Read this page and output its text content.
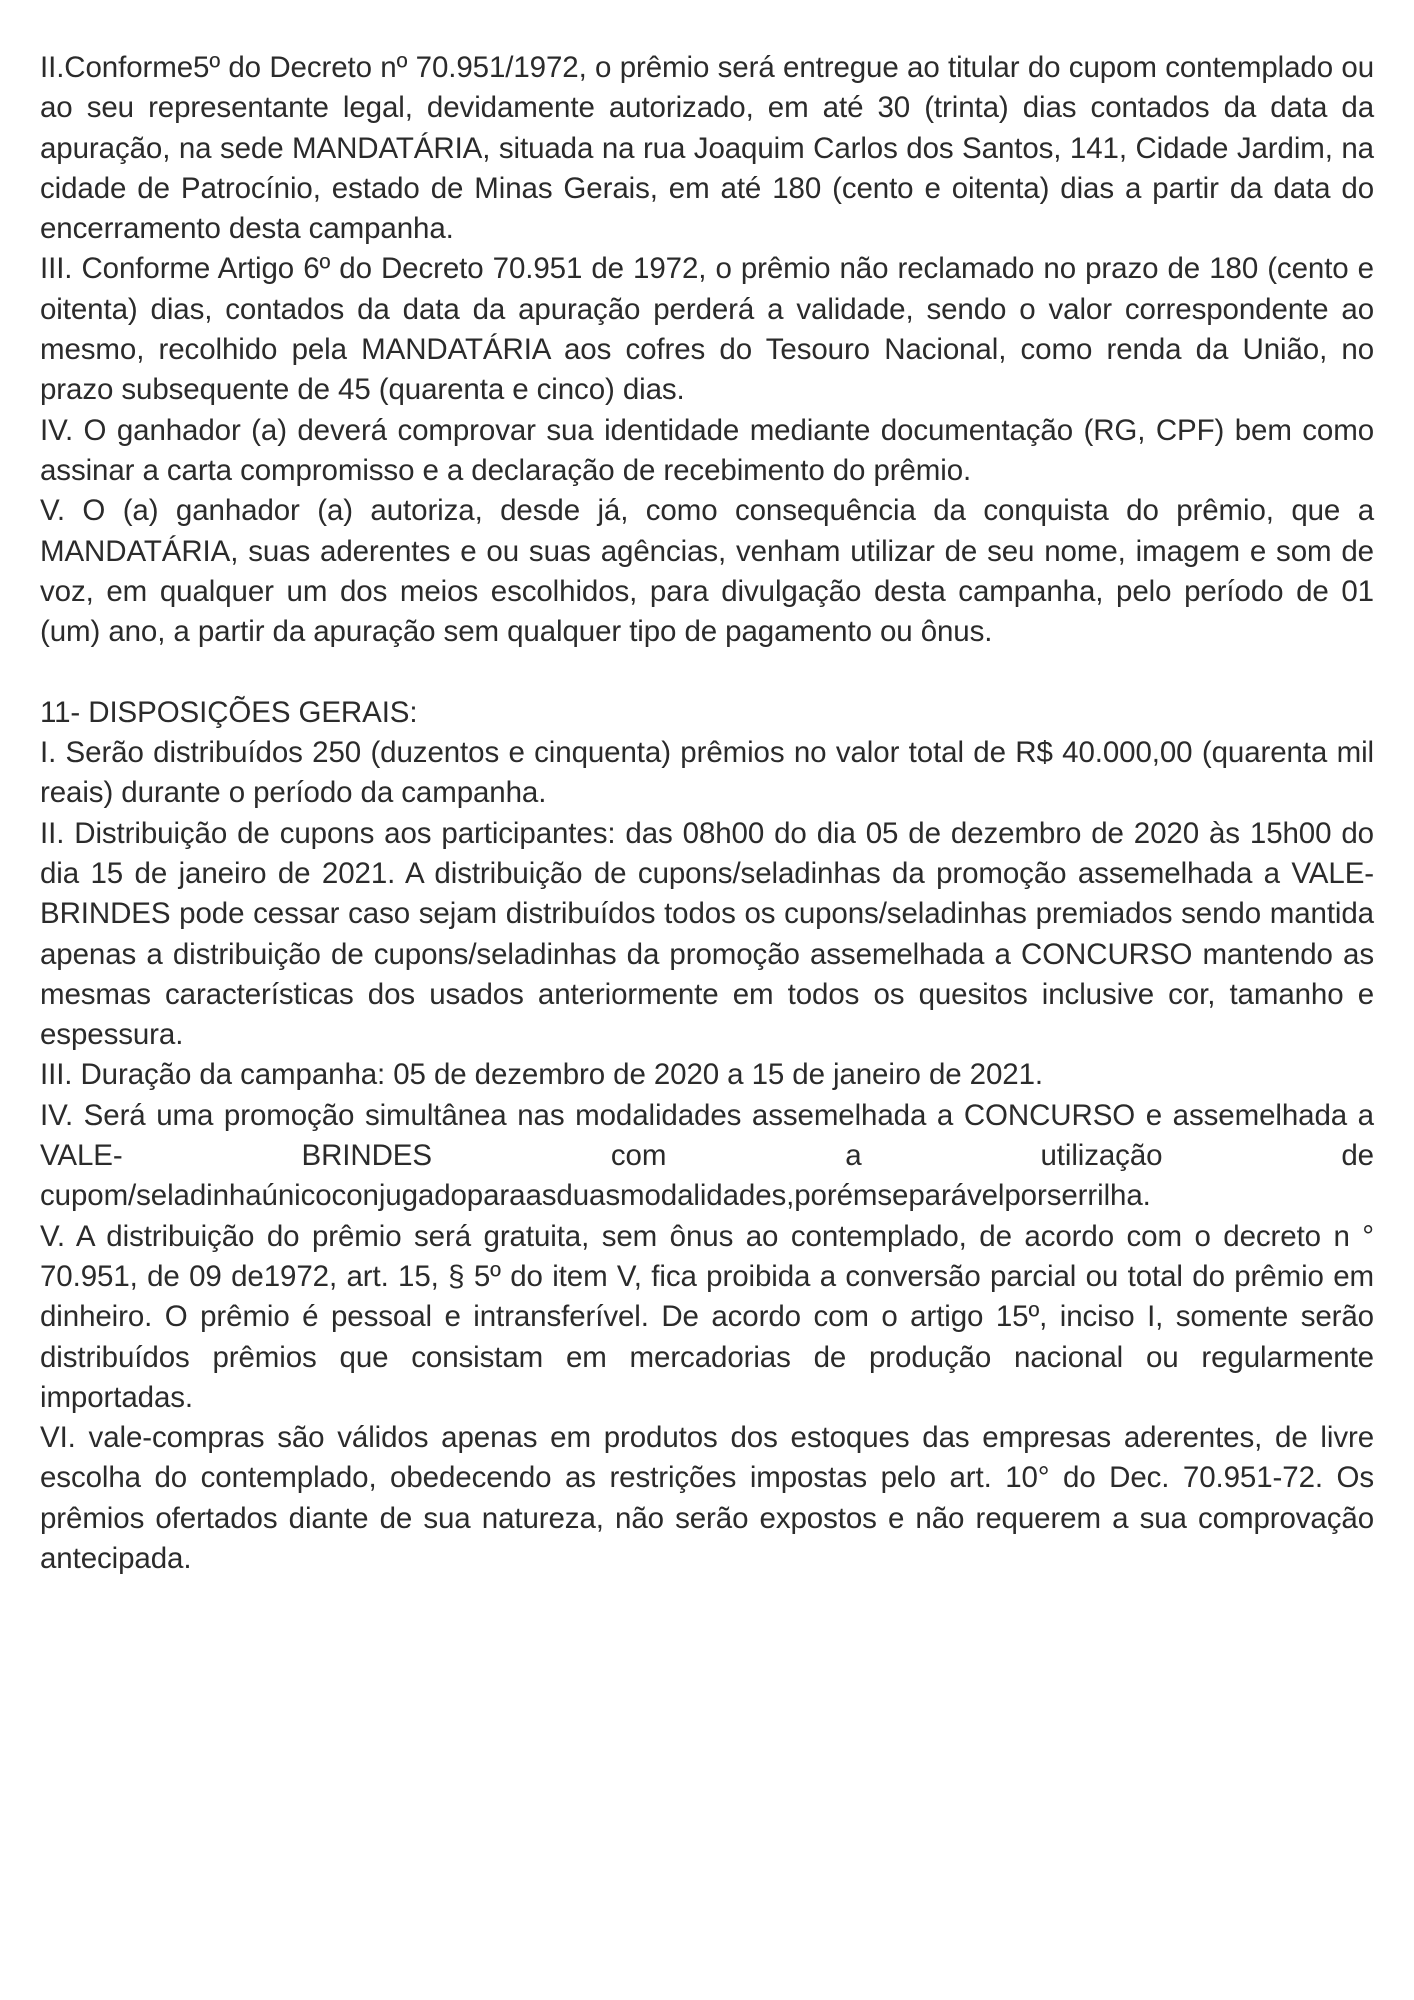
II.Conforme5º do Decreto nº 70.951/1972, o prêmio será entregue ao titular do cupom contemplado ou ao seu representante legal, devidamente autorizado, em até 30 (trinta) dias contados da data da apuração, na sede MANDATÁRIA, situada na rua Joaquim Carlos dos Santos, 141, Cidade Jardim, na cidade de Patrocínio, estado de Minas Gerais, em até 180 (cento e oitenta) dias a partir da data do encerramento desta campanha.

III. Conforme Artigo 6º do Decreto 70.951 de 1972, o prêmio não reclamado no prazo de 180 (cento e oitenta) dias, contados da data da apuração perderá a validade, sendo o valor correspondente ao mesmo, recolhido pela MANDATÁRIA aos cofres do Tesouro Nacional, como renda da União, no prazo subsequente de 45 (quarenta e cinco) dias.

IV. O ganhador (a) deverá comprovar sua identidade mediante documentação (RG, CPF) bem como assinar a carta compromisso e a declaração de recebimento do prêmio.

V. O (a) ganhador (a) autoriza, desde já, como consequência da conquista do prêmio, que a MANDATÁRIA, suas aderentes e ou suas agências, venham utilizar de seu nome, imagem e som de voz, em qualquer um dos meios escolhidos, para divulgação desta campanha, pelo período de 01 (um) ano, a partir da apuração sem qualquer tipo de pagamento ou ônus.

11- DISPOSIÇÕES GERAIS:

I. Serão distribuídos 250 (duzentos e cinquenta) prêmios no valor total de R$ 40.000,00 (quarenta mil reais) durante o período da campanha.

II. Distribuição de cupons aos participantes: das 08h00 do dia 05 de dezembro de 2020 às 15h00 do dia 15 de janeiro de 2021. A distribuição de cupons/seladinhas da promoção assemelhada a VALE-BRINDES pode cessar caso sejam distribuídos todos os cupons/seladinhas premiados sendo mantida apenas a distribuição de cupons/seladinhas da promoção assemelhada a CONCURSO mantendo as mesmas características dos usados anteriormente em todos os quesitos inclusive cor, tamanho e espessura.

III. Duração da campanha: 05 de dezembro de 2020 a 15 de janeiro de 2021.

IV. Será uma promoção simultânea nas modalidades assemelhada a CONCURSO e assemelhada a VALE- BRINDES com a utilização de

cupom/seladinhaúnicoconjugadoparaasduasmodalidades,porémseparávelporserrilha.

V. A distribuição do prêmio será gratuita, sem ônus ao contemplado, de acordo com o decreto n ° 70.951, de 09 de1972, art. 15, § 5º do item V, fica proibida a conversão parcial ou total do prêmio em dinheiro. O prêmio é pessoal e intransferível. De acordo com o artigo 15º, inciso I, somente serão distribuídos prêmios que consistam em mercadorias de produção nacional ou regularmente importadas.

VI. vale-compras são válidos apenas em produtos dos estoques das empresas aderentes, de livre escolha do contemplado, obedecendo as restrições impostas pelo art. 10° do Dec. 70.951-72. Os prêmios ofertados diante de sua natureza, não serão expostos e não requerem a sua comprovação antecipada.
